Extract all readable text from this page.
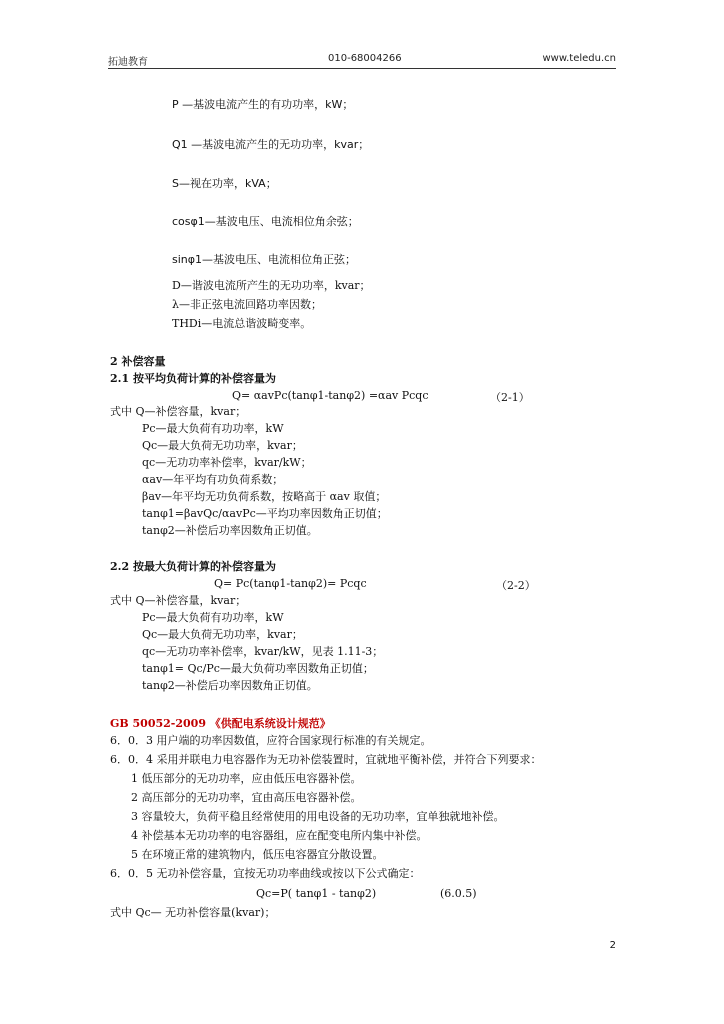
拓迪教育	010-68004266	www.teledu.cn
P —基波电流产生的有功功率，kW；
Q1 —基波电流产生的无功功率，kvar；
S—视在功率，kVA；
cosφ1—基波电压、电流相位角余弦；
sinφ1—基波电压、电流相位角正弦；
D—谐波电流所产生的无功功率，kvar；
λ—非正弦电流回路功率因数；
THDi—电流总谐波畸变率。
2 补偿容量
2.1 按平均负荷计算的补偿容量为
Q= αavPc(tanφ1-tanφ2) =αav Pcqc	（2-1）
式中 Q—补偿容量，kvar；
Pc—最大负荷有功功率，kW
Qc—最大负荷无功功率，kvar；
qc—无功功率补偿率，kvar/kW；
αav—年平均有功负荷系数；
βav—年平均无功负荷系数，按略高于 αav 取值；
tanφ1=βavQc/αavPc—平均功率因数角正切值；
tanφ2—补偿后功率因数角正切值。
2.2 按最大负荷计算的补偿容量为
Q= Pc(tanφ1-tanφ2)= Pcqc	（2-2）
式中 Q—补偿容量，kvar；
Pc—最大负荷有功功率，kW
Qc—最大负荷无功功率，kvar；
qc—无功功率补偿率，kvar/kW，见表 1.11-3；
tanφ1= Qc/Pc—最大负荷功率因数角正切值；
tanφ2—补偿后功率因数角正切值。
GB 50052-2009 《供配电系统设计规范》
6．0．3 用户端的功率因数值，应符合国家现行标准的有关规定。
6．0．4 采用并联电力电容器作为无功补偿装置时，宜就地平衡补偿，并符合下列要求：
1 低压部分的无功功率，应由低压电容器补偿。
2 高压部分的无功功率，宜由高压电容器补偿。
3 容量较大，负荷平稳且经常使用的用电设备的无功功率，宜单独就地补偿。
4 补偿基本无功功率的电容器组，应在配变电所内集中补偿。
5 在环境正常的建筑物内，低压电容器宜分散设置。
6．0．5 无功补偿容量，宜按无功功率曲线或按以下公式确定：
Qc=P( tanφ1 - tanφ2)	(6.0.5)
式中 Qc— 无功补偿容量(kvar)；
2
